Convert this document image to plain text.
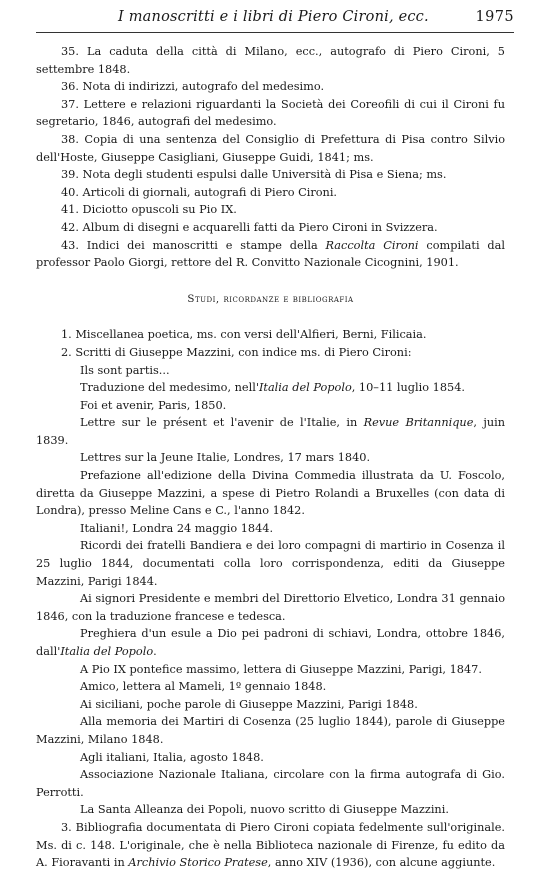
I manoscritti e i libri di Piero Cironi, ecc.	1975

35. La caduta della città di Milano, ecc., autografo di Piero Cironi, 5 settembre 1848.

36. Nota di indirizzi, autografo del medesimo.

37. Lettere e relazioni riguardanti la Società dei Coreofili di cui il Cironi fu segretario, 1846, autografi del medesimo.

38. Copia di una sentenza del Consiglio di Prefettura di Pisa contro Silvio dell'Hoste, Giuseppe Casigliani, Giuseppe Guidi, 1841; ms.

39. Nota degli studenti espulsi dalle Università di Pisa e Siena; ms.

40. Articoli di giornali, autografi di Piero Cironi.

41. Diciotto opuscoli su Pio IX.

42. Album di disegni e acquarelli fatti da Piero Cironi in Svizzera.

43. Indici dei manoscritti e stampe della Raccolta Cironi compilati dal professor Paolo Giorgi, rettore del R. Convitto Nazionale Cicognini, 1901.

Studi, ricordanze e bibliografia

1. Miscellanea poetica, ms. con versi dell'Alfieri, Berni, Filicaia.

2. Scritti di Giuseppe Mazzini, con indice ms. di Piero Cironi:

Ils sont partis...

Traduzione del medesimo, nell'Italia del Popolo, 10–11 luglio 1854.

Foi et avenir, Paris, 1850.

Lettre sur le présent et l'avenir de l'Italie, in Revue Britannique, juin 1839.

Lettres sur la Jeune Italie, Londres, 17 mars 1840.

Prefazione all'edizione della Divina Commedia illustrata da U. Foscolo, diretta da Giuseppe Mazzini, a spese di Pietro Rolandi a Bruxelles (con data di Londra), presso Meline Cans e C., l'anno 1842.

Italiani!, Londra 24 maggio 1844.

Ricordi dei fratelli Bandiera e dei loro compagni di martirio in Cosenza il 25 luglio 1844, documentati colla loro corrispondenza, editi da Giuseppe Mazzini, Parigi 1844.

Ai signori Presidente e membri del Direttorio Elvetico, Londra 31 gennaio 1846, con la traduzione francese e tedesca.

Preghiera d'un esule a Dio pei padroni di schiavi, Londra, ottobre 1846, dall'Italia del Popolo.

A Pio IX pontefice massimo, lettera di Giuseppe Mazzini, Parigi, 1847.

Amico, lettera al Mameli, 1º gennaio 1848.

Ai siciliani, poche parole di Giuseppe Mazzini, Parigi 1848.

Alla memoria dei Martiri di Cosenza (25 luglio 1844), parole di Giuseppe Mazzini, Milano 1848.

Agli italiani, Italia, agosto 1848.

Associazione Nazionale Italiana, circolare con la firma autografa di Gio. Perrotti.

La Santa Alleanza dei Popoli, nuovo scritto di Giuseppe Mazzini.

3. Bibliografia documentata di Piero Cironi copiata fedelmente sull'originale. Ms. di c. 148. L'originale, che è nella Biblioteca nazionale di Firenze, fu edito da A. Fioravanti in Archivio Storico Pratese, anno XIV (1936), con alcune aggiunte.
